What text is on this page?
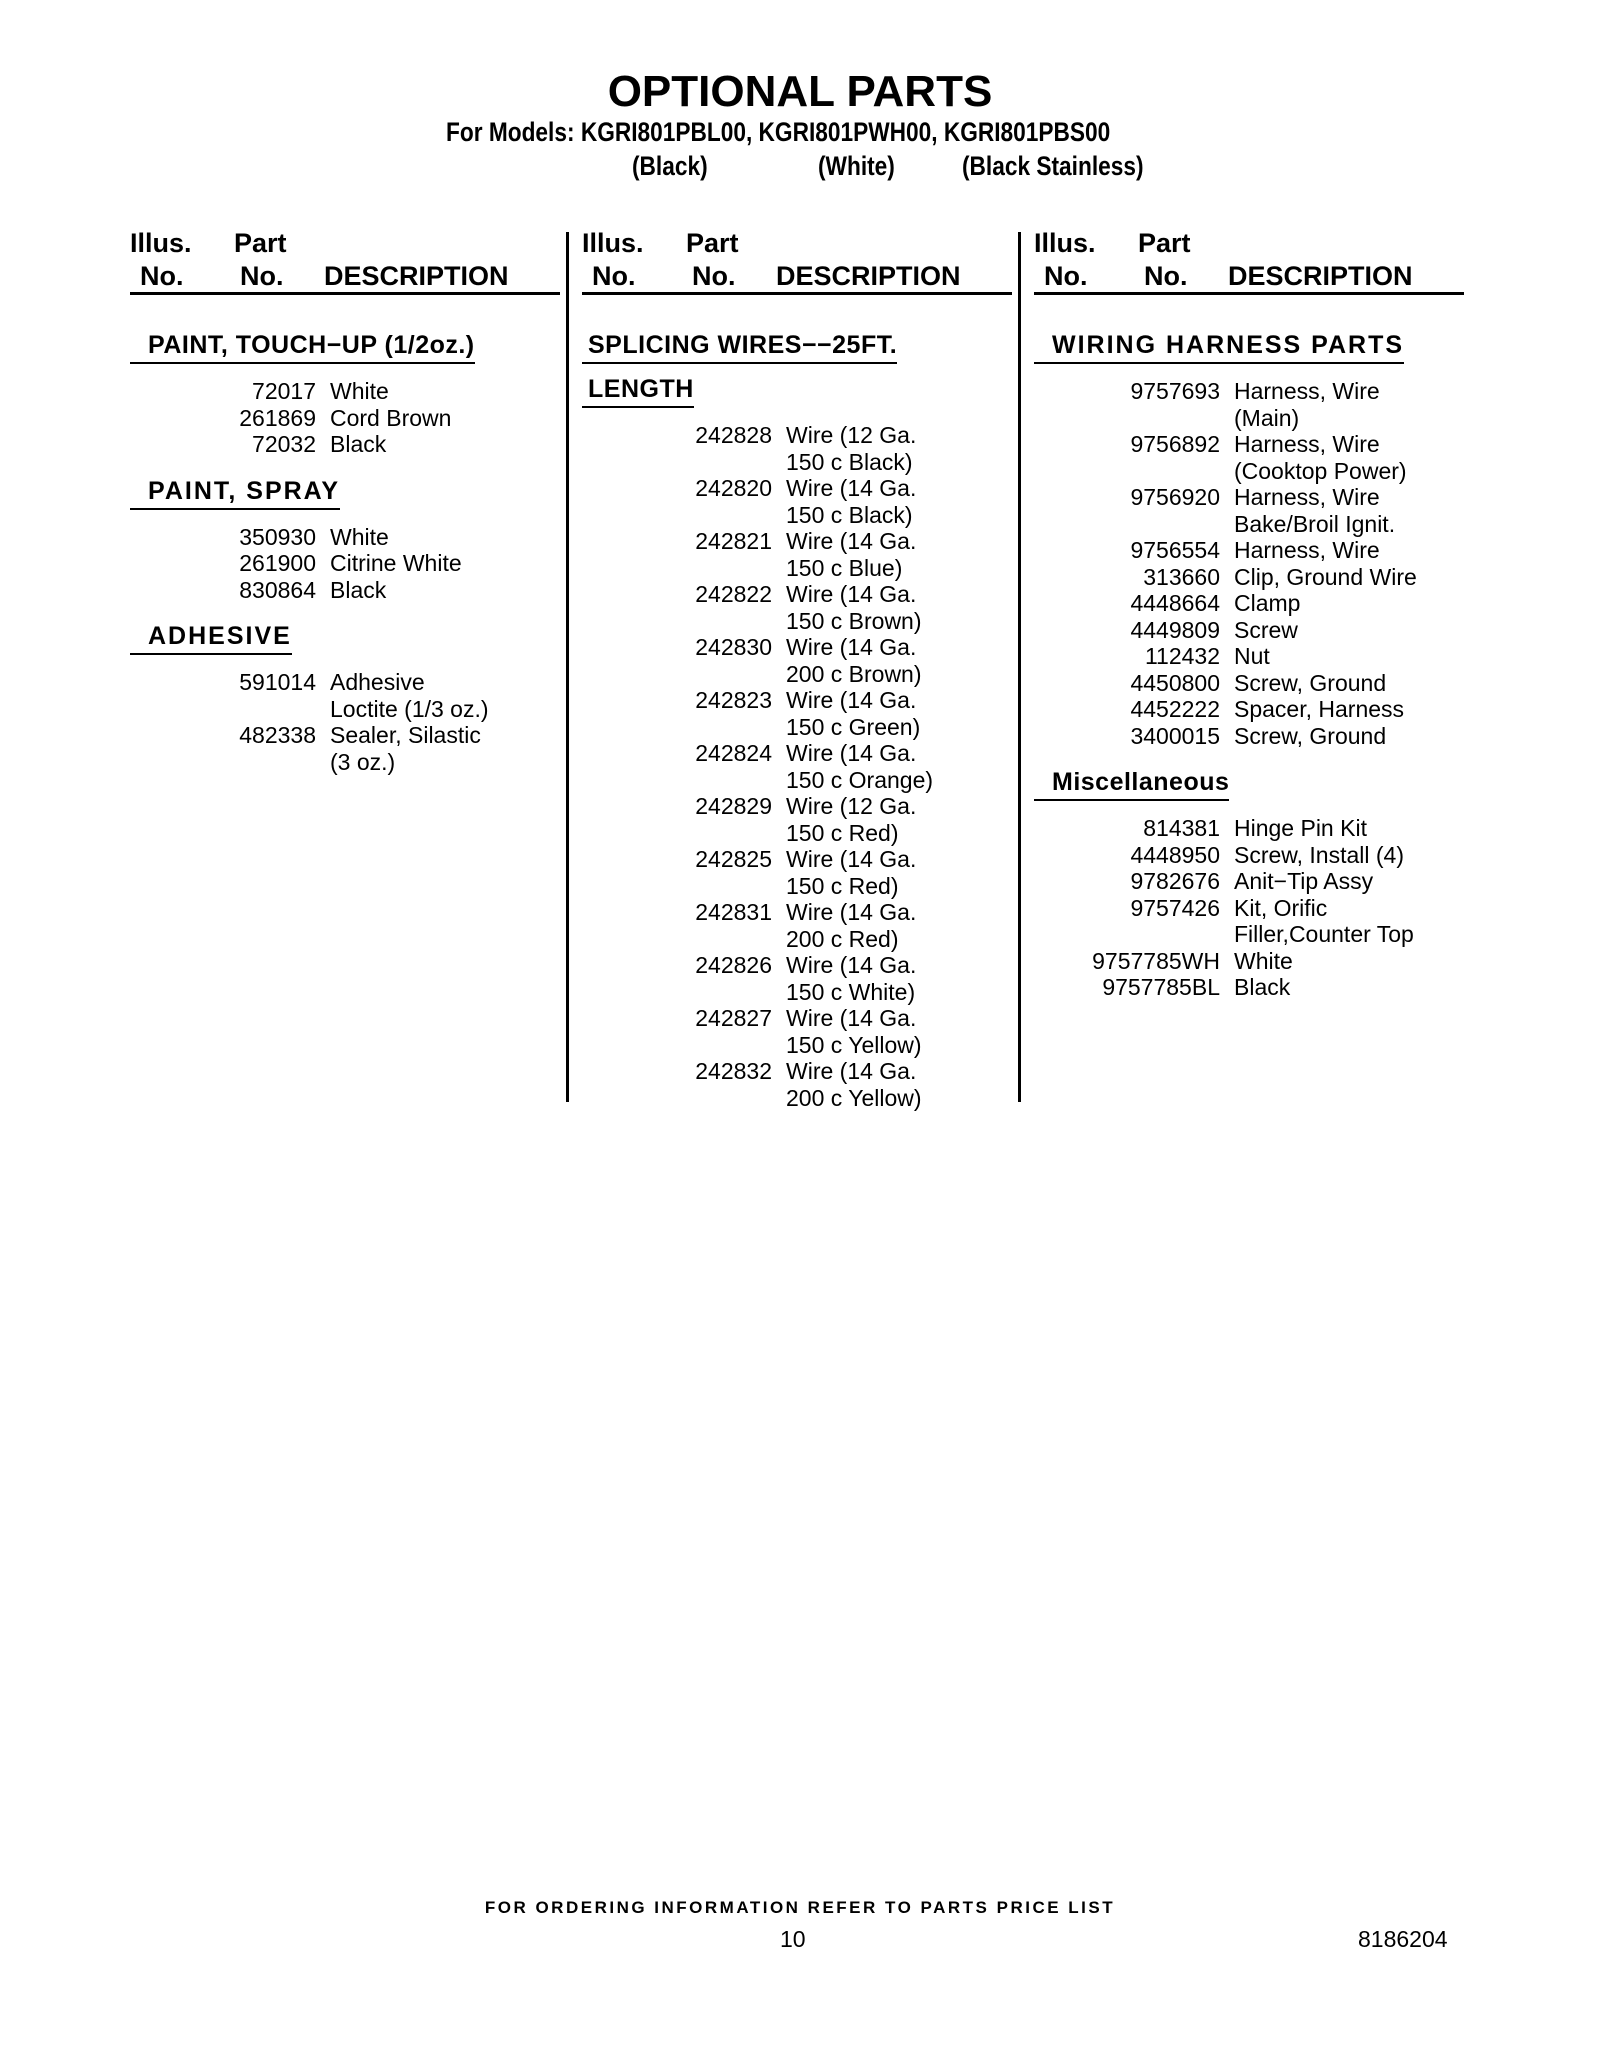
OPTIONAL PARTS
For Models: KGRI801PBL00, KGRI801PWH00, KGRI801PBS00
(Black)	(White) (Black Stainless)
Illus. Part
No. No. DESCRIPTION
PAINT, TOUCH−UP (1/2oz.)
72017 White
261869 Cord Brown
72032 Black
PAINT, SPRAY
350930 White
261900 Citrine White
830864 Black
ADHESIVE
591014 Adhesive
Loctite (1/3 oz.)
482338 Sealer, Silastic
(3 oz.)
Illus. Part
No. No. DESCRIPTION
SPLICING WIRES−−25FT.
LENGTH
242828 Wire (12 Ga.
150 c Black)
242820 Wire (14 Ga.
150 c Black)
242821 Wire (14 Ga.
150 c Blue)
242822 Wire (14 Ga.
150 c Brown)
242830 Wire (14 Ga.
200 c Brown)
242823 Wire (14 Ga.
150 c Green)
242824 Wire (14 Ga.
150 c Orange)
242829 Wire (12 Ga.
150 c Red)
242825 Wire (14 Ga.
150 c Red)
242831 Wire (14 Ga.
200 c Red)
242826 Wire (14 Ga.
150 c White)
242827 Wire (14 Ga.
150 c Yellow)
242832 Wire (14 Ga.
200 c Yellow)
Illus. Part
No. No. DESCRIPTION
WIRING HARNESS PARTS
9757693 Harness, Wire
(Main)
9756892 Harness, Wire
(Cooktop Power)
9756920 Harness, Wire
Bake/Broil Ignit.
9756554 Harness, Wire
313660 Clip, Ground Wire
4448664 Clamp
4449809 Screw
112432 Nut
4450800 Screw, Ground
4452222 Spacer, Harness
3400015 Screw, Ground
Miscellaneous
814381 Hinge Pin Kit
4448950 Screw, Install (4)
9782676 Anit−Tip Assy
9757426 Kit, Orific
Filler,Counter Top
9757785WH White
9757785BL Black
FOR ORDERING INFORMATION REFER TO PARTS PRICE LIST
10	8186204
